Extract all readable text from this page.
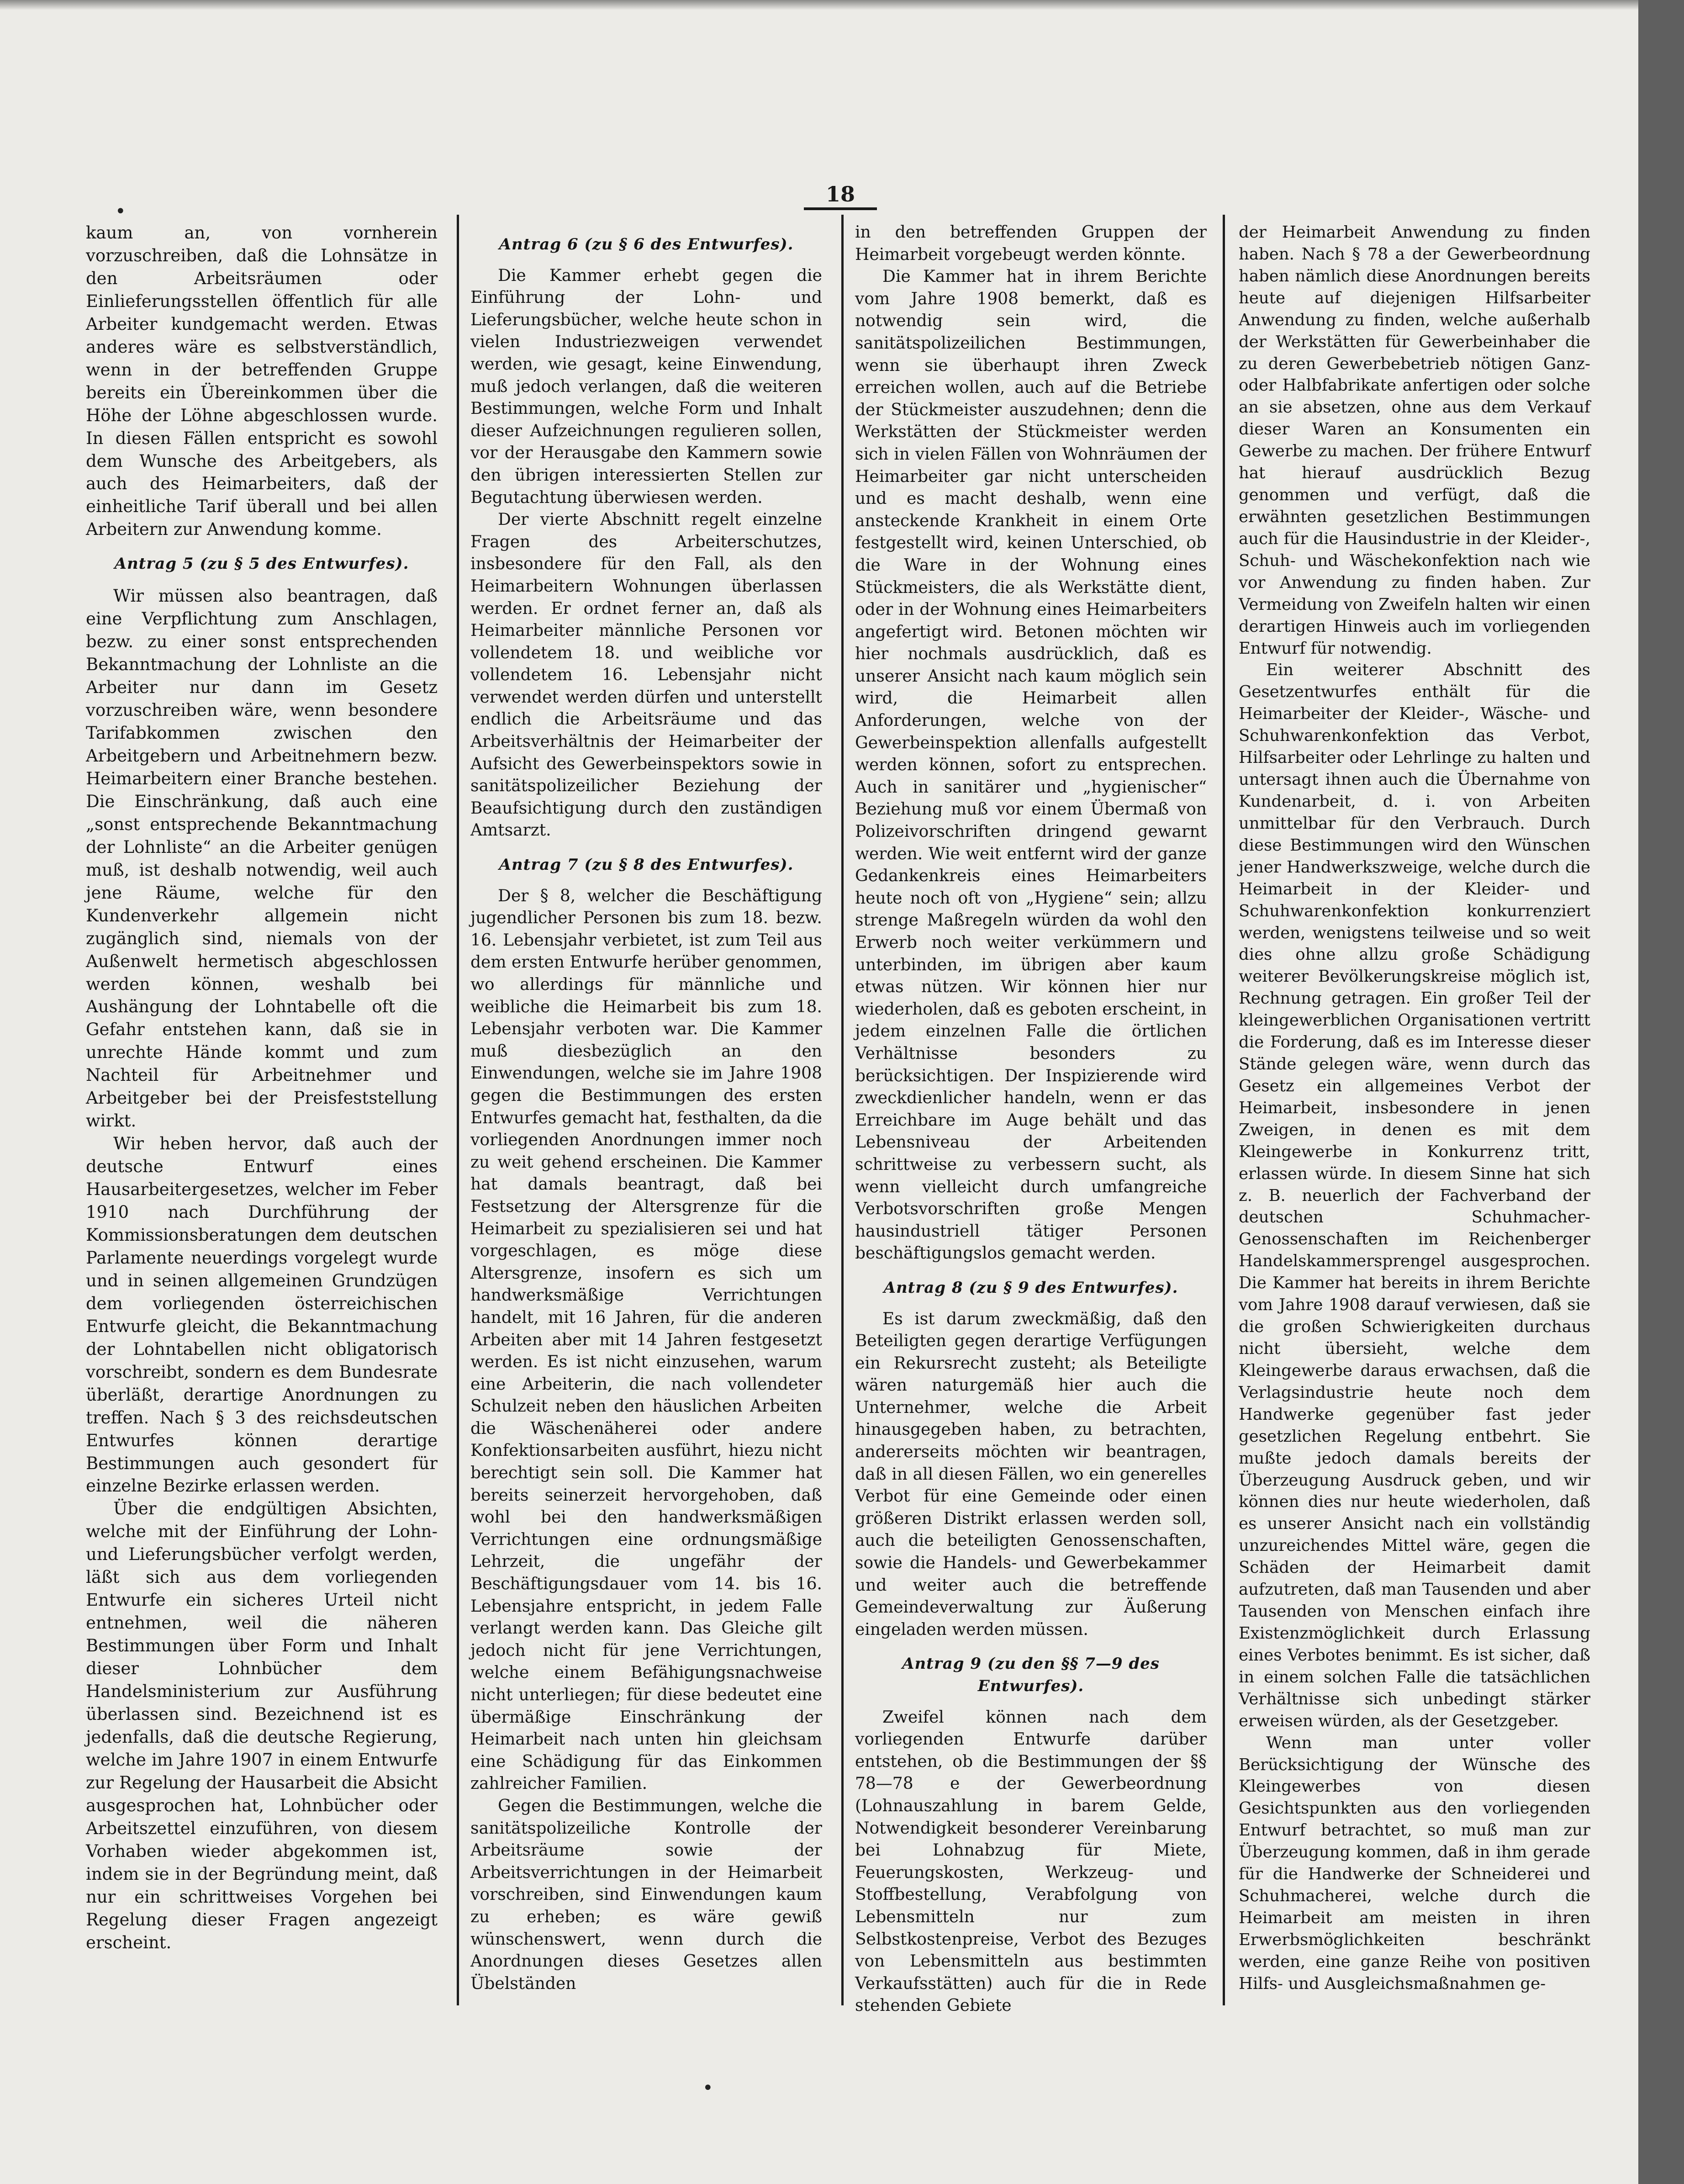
18
•
•

kaum an, von vornherein vorzuschreiben, daß die Lohnsätze in den Arbeitsräumen oder Einlieferungsstellen öffentlich für alle Arbeiter kundgemacht werden. Etwas anderes wäre es selbstverständlich, wenn in der betreffenden Gruppe bereits ein Übereinkommen über die Höhe der Löhne abgeschlossen wurde. In diesen Fällen entspricht es sowohl dem Wunsche des Arbeitgebers, als auch des Heimarbeiters, daß der einheitliche Tarif überall und bei allen Arbeitern zur Anwendung komme.

Antrag 5 (zu § 5 des Entwurfes).

Wir müssen also beantragen, daß eine Verpflichtung zum Anschlagen, bezw. zu einer sonst entsprechenden Bekanntmachung der Lohnliste an die Arbeiter nur dann im Gesetz vorzuschreiben wäre, wenn besondere Tarifabkommen zwischen den Arbeitgebern und Arbeitnehmern bezw. Heimarbeitern einer Branche bestehen. Die Einschränkung, daß auch eine „sonst entsprechende Bekanntmachung der Lohnliste“ an die Arbeiter genügen muß, ist deshalb notwendig, weil auch jene Räume, welche für den Kundenverkehr allgemein nicht zugänglich sind, niemals von der Außenwelt hermetisch abgeschlossen werden können, weshalb bei Aushängung der Lohntabelle oft die Gefahr entstehen kann, daß sie in unrechte Hände kommt und zum Nachteil für Arbeitnehmer und Arbeitgeber bei der Preisfeststellung wirkt.

Wir heben hervor, daß auch der deutsche Entwurf eines Hausarbeitergesetzes, welcher im Feber 1910 nach Durchführung der Kommissionsberatungen dem deutschen Parlamente neuerdings vorgelegt wurde und in seinen allgemeinen Grundzügen dem vorliegenden österreichischen Entwurfe gleicht, die Bekanntmachung der Lohntabellen nicht obligatorisch vorschreibt, sondern es dem Bundesrate überläßt, derartige Anordnungen zu treffen. Nach § 3 des reichsdeutschen Entwurfes können derartige Bestimmungen auch gesondert für einzelne Bezirke erlassen werden.

Über die endgültigen Absichten, welche mit der Einführung der Lohn- und Lieferungsbücher verfolgt werden, läßt sich aus dem vorliegenden Entwurfe ein sicheres Urteil nicht entnehmen, weil die näheren Bestimmungen über Form und Inhalt dieser Lohnbücher dem Handelsministerium zur Ausführung überlassen sind. Bezeichnend ist es jedenfalls, daß die deutsche Regierung, welche im Jahre 1907 in einem Entwurfe zur Regelung der Hausarbeit die Absicht ausgesprochen hat, Lohnbücher oder Arbeitszettel einzuführen, von diesem Vorhaben wieder abgekommen ist, indem sie in der Begründung meint, daß nur ein schrittweises Vorgehen bei Regelung dieser Fragen angezeigt erscheint.

Antrag 6 (zu § 6 des Entwurfes).

Die Kammer erhebt gegen die Einführung der Lohn- und Lieferungsbücher, welche heute schon in vielen Industriezweigen verwendet werden, wie gesagt, keine Einwendung, muß jedoch verlangen, daß die weiteren Bestimmungen, welche Form und Inhalt dieser Aufzeichnungen regulieren sollen, vor der Herausgabe den Kammern sowie den übrigen interessierten Stellen zur Begutachtung überwiesen werden.

Der vierte Abschnitt regelt einzelne Fragen des Arbeiterschutzes, insbesondere für den Fall, als den Heimarbeitern Wohnungen überlassen werden. Er ordnet ferner an, daß als Heimarbeiter männliche Personen vor vollendetem 18. und weibliche vor vollendetem 16. Lebensjahr nicht verwendet werden dürfen und unterstellt endlich die Arbeitsräume und das Arbeitsverhältnis der Heimarbeiter der Aufsicht des Gewerbeinspektors sowie in sanitätspolizeilicher Beziehung der Beaufsichtigung durch den zuständigen Amtsarzt.

Antrag 7 (zu § 8 des Entwurfes).

Der § 8, welcher die Beschäftigung jugendlicher Personen bis zum 18. bezw. 16. Lebensjahr verbietet, ist zum Teil aus dem ersten Entwurfe herüber genommen, wo allerdings für männliche und weibliche die Heimarbeit bis zum 18. Lebensjahr verboten war. Die Kammer muß diesbezüglich an den Einwendungen, welche sie im Jahre 1908 gegen die Bestimmungen des ersten Entwurfes gemacht hat, festhalten, da die vorliegenden Anordnungen immer noch zu weit gehend erscheinen. Die Kammer hat damals beantragt, daß bei Festsetzung der Altersgrenze für die Heimarbeit zu spezialisieren sei und hat vorgeschlagen, es möge diese Altersgrenze, insofern es sich um handwerksmäßige Verrichtungen handelt, mit 16 Jahren, für die anderen Arbeiten aber mit 14 Jahren festgesetzt werden. Es ist nicht einzusehen, warum eine Arbeiterin, die nach vollendeter Schulzeit neben den häuslichen Arbeiten die Wäschenäherei oder andere Konfektionsarbeiten ausführt, hiezu nicht berechtigt sein soll. Die Kammer hat bereits seinerzeit hervorgehoben, daß wohl bei den handwerksmäßigen Verrichtungen eine ordnungsmäßige Lehrzeit, die ungefähr der Beschäftigungsdauer vom 14. bis 16. Lebensjahre entspricht, in jedem Falle verlangt werden kann. Das Gleiche gilt jedoch nicht für jene Verrichtungen, welche einem Befähigungsnachweise nicht unterliegen; für diese bedeutet eine übermäßige Einschränkung der Heimarbeit nach unten hin gleichsam eine Schädigung für das Einkommen zahlreicher Familien.

Gegen die Bestimmungen, welche die sanitätspolizeiliche Kontrolle der Arbeitsräume sowie der Arbeitsverrichtungen in der Heimarbeit vorschreiben, sind Einwendungen kaum zu erheben; es wäre gewiß wünschenswert, wenn durch die Anordnungen dieses Gesetzes allen Übelständen

in den betreffenden Gruppen der Heimarbeit vorgebeugt werden könnte.

Die Kammer hat in ihrem Berichte vom Jahre 1908 bemerkt, daß es notwendig sein wird, die sanitätspolizeilichen Bestimmungen, wenn sie überhaupt ihren Zweck erreichen wollen, auch auf die Betriebe der Stückmeister auszudehnen; denn die Werkstätten der Stückmeister werden sich in vielen Fällen von Wohnräumen der Heimarbeiter gar nicht unterscheiden und es macht deshalb, wenn eine ansteckende Krankheit in einem Orte festgestellt wird, keinen Unterschied, ob die Ware in der Wohnung eines Stückmeisters, die als Werkstätte dient, oder in der Wohnung eines Heimarbeiters angefertigt wird. Betonen möchten wir hier nochmals ausdrücklich, daß es unserer Ansicht nach kaum möglich sein wird, die Heimarbeit allen Anforderungen, welche von der Gewerbeinspektion allenfalls aufgestellt werden können, sofort zu entsprechen. Auch in sanitärer und „hygienischer“ Beziehung muß vor einem Übermaß von Polizeivorschriften dringend gewarnt werden. Wie weit entfernt wird der ganze Gedankenkreis eines Heimarbeiters heute noch oft von „Hygiene“ sein; allzu strenge Maßregeln würden da wohl den Erwerb noch weiter verkümmern und unterbinden, im übrigen aber kaum etwas nützen. Wir können hier nur wiederholen, daß es geboten erscheint, in jedem einzelnen Falle die örtlichen Verhältnisse besonders zu berücksichtigen. Der Inspizierende wird zweckdienlicher handeln, wenn er das Erreichbare im Auge behält und das Lebensniveau der Arbeitenden schrittweise zu verbessern sucht, als wenn vielleicht durch umfangreiche Verbotsvorschriften große Mengen hausindustriell tätiger Personen beschäftigungslos gemacht werden.

Antrag 8 (zu § 9 des Entwurfes).

Es ist darum zweckmäßig, daß den Beteiligten gegen derartige Verfügungen ein Rekursrecht zusteht; als Beteiligte wären naturgemäß hier auch die Unternehmer, welche die Arbeit hinausgegeben haben, zu betrachten, andererseits möchten wir beantragen, daß in all diesen Fällen, wo ein generelles Verbot für eine Gemeinde oder einen größeren Distrikt erlassen werden soll, auch die beteiligten Genossenschaften, sowie die Handels- und Gewerbekammer und weiter auch die betreffende Gemeindeverwaltung zur Äußerung eingeladen werden müssen.

Antrag 9 (zu den §§ 7—9 des Entwurfes).

Zweifel können nach dem vorliegenden Entwurfe darüber entstehen, ob die Bestimmungen der §§ 78—78 e der Gewerbeordnung (Lohnauszahlung in barem Gelde, Notwendigkeit besonderer Vereinbarung bei Lohnabzug für Miete, Feuerungskosten, Werkzeug- und Stoffbestellung, Verabfolgung von Lebensmitteln nur zum Selbstkostenpreise, Verbot des Bezuges von Lebensmitteln aus bestimmten Verkaufsstätten) auch für die in Rede stehenden Gebiete

der Heimarbeit Anwendung zu finden haben. Nach § 78 a der Gewerbeordnung haben nämlich diese Anordnungen bereits heute auf diejenigen Hilfsarbeiter Anwendung zu finden, welche außerhalb der Werkstätten für Gewerbeinhaber die zu deren Gewerbebetrieb nötigen Ganz- oder Halbfabrikate anfertigen oder solche an sie absetzen, ohne aus dem Verkauf dieser Waren an Konsumenten ein Gewerbe zu machen. Der frühere Entwurf hat hierauf ausdrücklich Bezug genommen und verfügt, daß die erwähnten gesetzlichen Bestimmungen auch für die Hausindustrie in der Kleider-, Schuh- und Wäschekonfektion nach wie vor Anwendung zu finden haben. Zur Vermeidung von Zweifeln halten wir einen derartigen Hinweis auch im vorliegenden Entwurf für notwendig.

Ein weiterer Abschnitt des Gesetzentwurfes enthält für die Heimarbeiter der Kleider-, Wäsche- und Schuhwarenkonfektion das Verbot, Hilfsarbeiter oder Lehrlinge zu halten und untersagt ihnen auch die Übernahme von Kundenarbeit, d. i. von Arbeiten unmittelbar für den Verbrauch. Durch diese Bestimmungen wird den Wünschen jener Handwerkszweige, welche durch die Heimarbeit in der Kleider- und Schuhwarenkonfektion konkurrenziert werden, wenigstens teilweise und so weit dies ohne allzu große Schädigung weiterer Bevölkerungskreise möglich ist, Rechnung getragen. Ein großer Teil der kleingewerblichen Organisationen vertritt die Forderung, daß es im Interesse dieser Stände gelegen wäre, wenn durch das Gesetz ein allgemeines Verbot der Heimarbeit, insbesondere in jenen Zweigen, in denen es mit dem Kleingewerbe in Konkurrenz tritt, erlassen würde. In diesem Sinne hat sich z. B. neuerlich der Fachverband der deutschen Schuhmacher-Genossenschaften im Reichenberger Handelskammersprengel ausgesprochen. Die Kammer hat bereits in ihrem Berichte vom Jahre 1908 darauf verwiesen, daß sie die großen Schwierigkeiten durchaus nicht übersieht, welche dem Kleingewerbe daraus erwachsen, daß die Verlagsindustrie heute noch dem Handwerke gegenüber fast jeder gesetzlichen Regelung entbehrt. Sie mußte jedoch damals bereits der Überzeugung Ausdruck geben, und wir können dies nur heute wiederholen, daß es unserer Ansicht nach ein vollständig unzureichendes Mittel wäre, gegen die Schäden der Heimarbeit damit aufzutreten, daß man Tausenden und aber Tausenden von Menschen einfach ihre Existenzmöglichkeit durch Erlassung eines Verbotes benimmt. Es ist sicher, daß in einem solchen Falle die tatsächlichen Verhältnisse sich unbedingt stärker erweisen würden, als der Gesetzgeber.

Wenn man unter voller Berücksichtigung der Wünsche des Kleingewerbes von diesen Gesichtspunkten aus den vorliegenden Entwurf betrachtet, so muß man zur Überzeugung kommen, daß in ihm gerade für die Handwerke der Schneiderei und Schuhmacherei, welche durch die Heimarbeit am meisten in ihren Erwerbsmöglichkeiten beschränkt werden, eine ganze Reihe von positiven Hilfs- und Ausgleichsmaßnahmen ge-
